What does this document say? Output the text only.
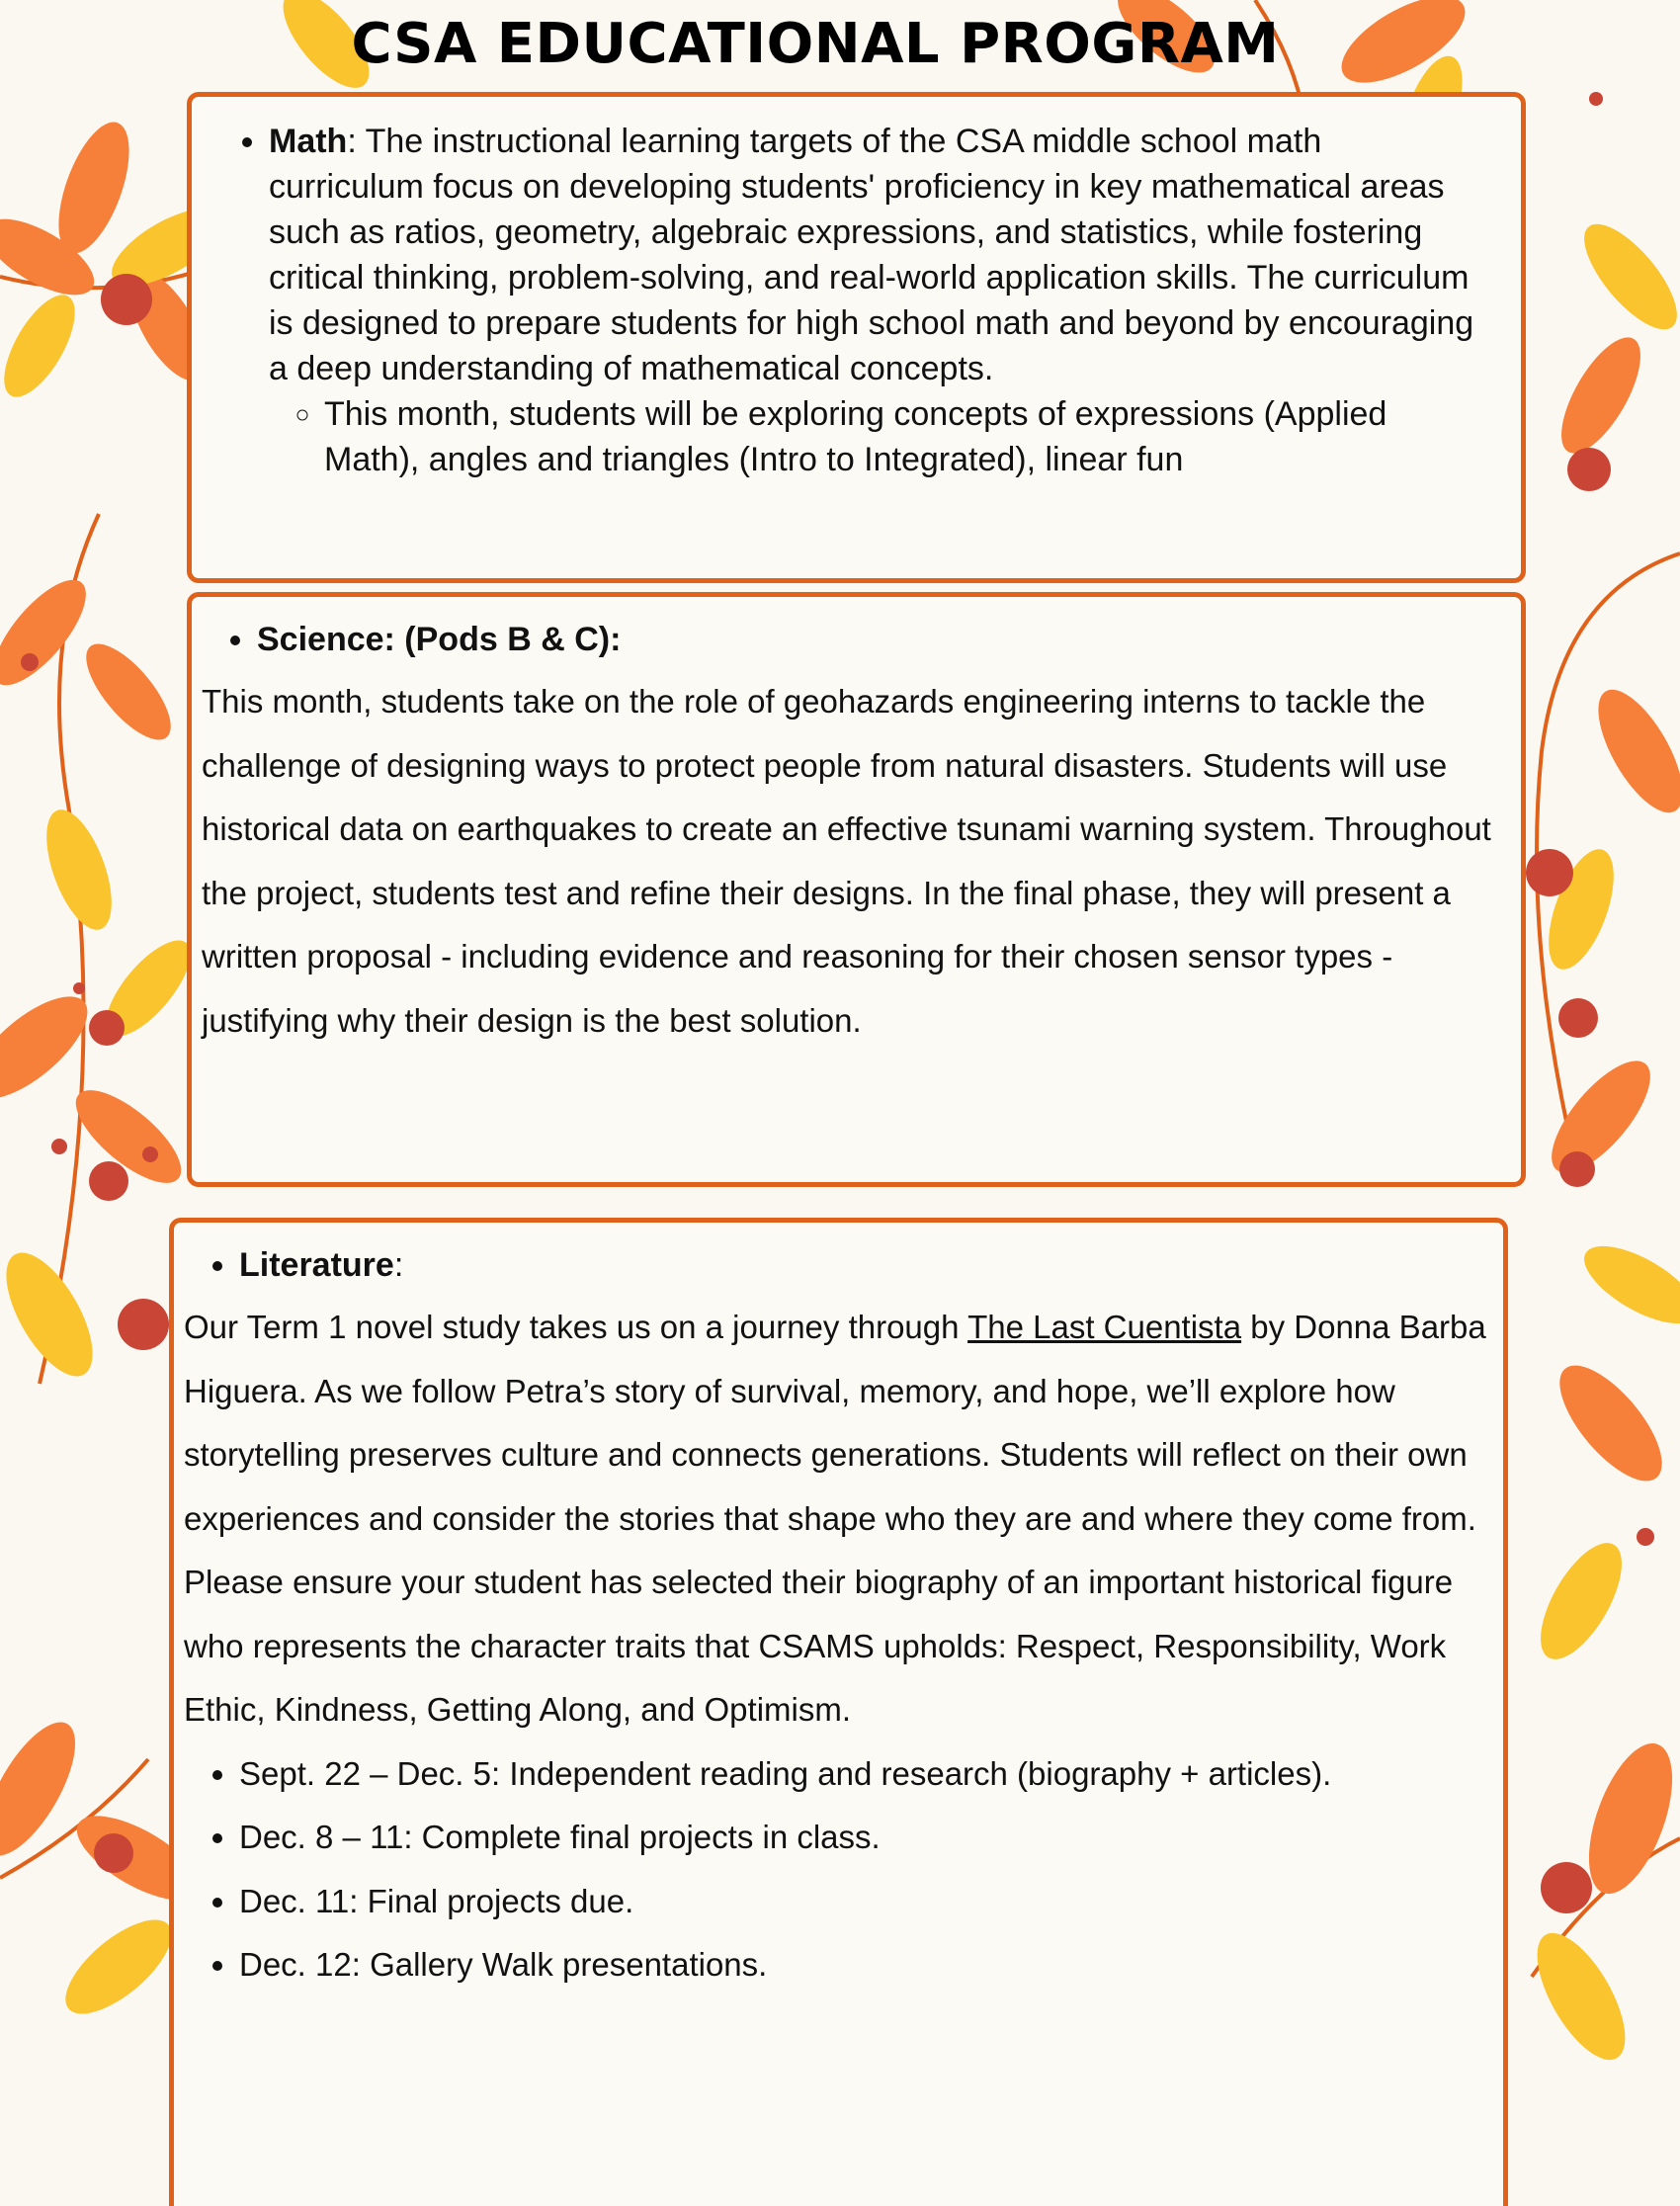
CSA EDUCATIONAL PROGRAM
• Math: The instructional learning targets of the CSA middle school math curriculum focus on developing students' proficiency in key mathematical areas such as ratios, geometry, algebraic expressions, and statistics, while fostering critical thinking, problem-solving, and real-world application skills. The curriculum is designed to prepare students for high school math and beyond by encouraging a deep understanding of mathematical concepts.
◦ This month, students will be exploring concepts of expressions (Applied Math), angles and triangles (Intro to Integrated), linear fun
• Science: (Pods B & C):

This month, students take on the role of geohazards engineering interns to tackle the challenge of designing ways to protect people from natural disasters. Students will use historical data on earthquakes to create an effective tsunami warning system. Throughout the project, students test and refine their designs. In the final phase, they will present a written proposal - including evidence and reasoning for their chosen sensor types - justifying why their design is the best solution.

• Literature:

Our Term 1 novel study takes us on a journey through The Last Cuentista by Donna Barba Higuera. As we follow Petra’s story of survival, memory, and hope, we’ll explore how storytelling preserves culture and connects generations. Students will reflect on their own experiences and consider the stories that shape who they are and where they come from.

Please ensure your student has selected their biography of an important historical figure who represents the character traits that CSAMS upholds: Respect, Responsibility, Work Ethic, Kindness, Getting Along, and Optimism.

• Sept. 22 – Dec. 5: Independent reading and research (biography + articles).
• Dec. 8 – 11: Complete final projects in class.
• Dec. 11: Final projects due.
• Dec. 12: Gallery Walk presentations.
